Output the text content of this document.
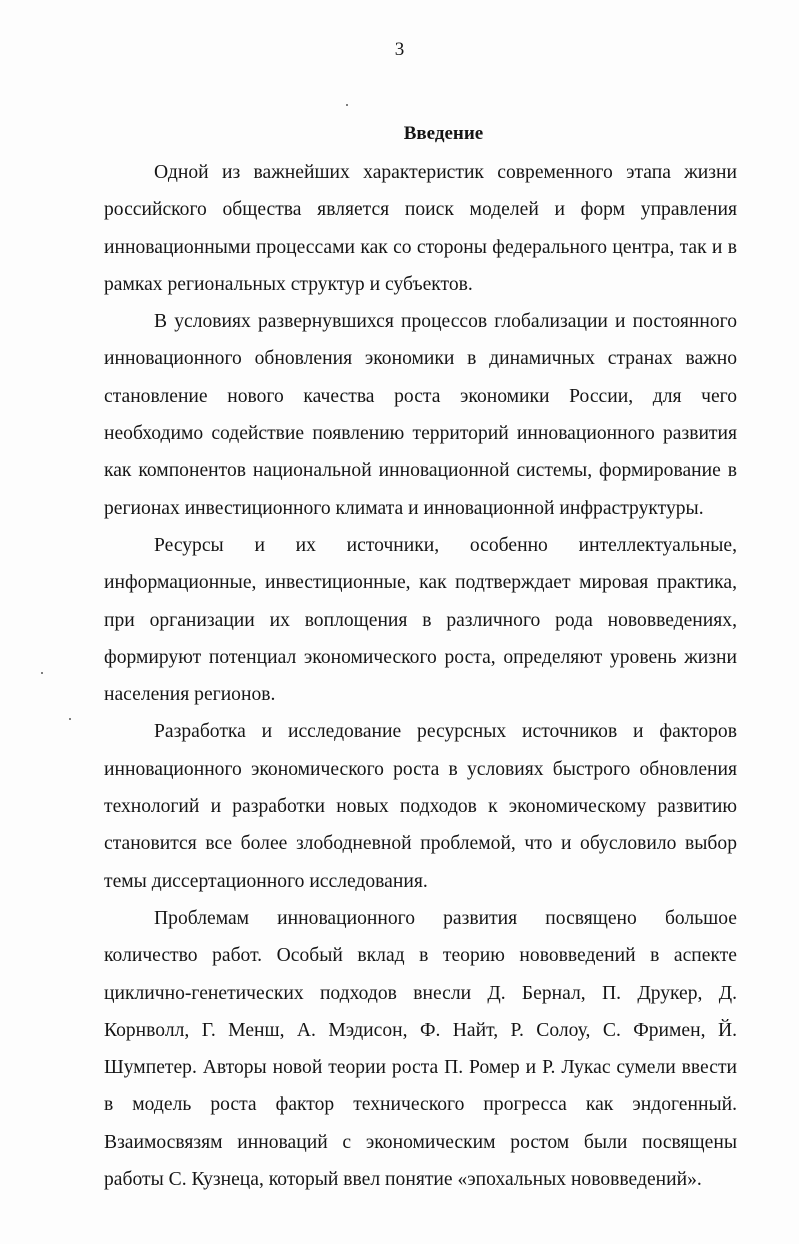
3
Введение

Одной из важнейших характеристик современного этапа жизни российского общества является поиск моделей и форм управления инновационными процессами как со стороны федерального центра, так и в рамках региональных структур и субъектов.

В условиях развернувшихся процессов глобализации и постоянного инновационного обновления экономики в динамичных странах важно становление нового качества роста экономики России, для чего необходимо содействие появлению территорий инновационного развития как компонентов национальной инновационной системы, формирование в регионах инвестиционного климата и инновационной инфраструктуры.

Ресурсы и их источники, особенно интеллектуальные, информационные, инвестиционные, как подтверждает мировая практика, при организации их воплощения в различного рода нововведениях, формируют потенциал экономического роста, определяют уровень жизни населения регионов.

Разработка и исследование ресурсных источников и факторов инновационного экономического роста в условиях быстрого обновления технологий и разработки новых подходов к экономическому развитию становится все более злободневной проблемой, что и обусловило выбор темы диссертационного исследования.

Проблемам инновационного развития посвящено большое количество работ. Особый вклад в теорию нововведений в аспекте циклично-генетических подходов внесли Д. Бернал, П. Друкер, Д. Корнволл, Г. Менш, А. Мэдисон, Ф. Найт, Р. Солоу, С. Фримен, Й. Шумпетер. Авторы новой теории роста П. Ромер и Р. Лукас сумели ввести в модель роста фактор технического прогресса как эндогенный. Взаимосвязям инноваций с экономическим ростом были посвящены работы С. Кузнеца, который ввел понятие «эпохальных нововведений».
